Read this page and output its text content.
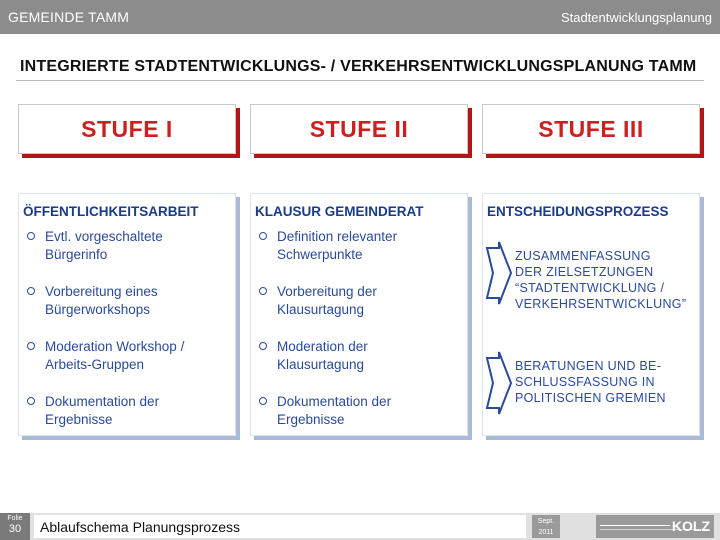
GEMEINDE TAMM	Stadtentwicklungsplanung
INTEGRIERTE STADTENTWICKLUNGS- / VERKEHRSENTWICKLUNGSPLANUNG TAMM
STUFE I	STUFE II	STUFE III
ÖFFENTLICHKEITSARBEIT
Evtl. vorgeschaltete
Bürgerinfo
Vorbereitung eines
Bürgerworkshops
Moderation Workshop /
Arbeits-Gruppen
Dokumentation der
Ergebnisse
KLAUSUR GEMEINDERAT
Definition relevanter
Schwerpunkte
Vorbereitung der
Klausurtagung
Moderation der
Klausurtagung
Dokumentation der
Ergebnisse
ENTSCHEIDUNGSPROZESS
ZUSAMMENFASSUNG
DER ZIELSETZUNGEN
“STADTENTWICKLUNG /
VERKEHRSENTWICKLUNG”
BERATUNGEN UND BE-
SCHLUSSFASSUNG IN
POLITISCHEN GREMIEN
Folie
30	Ablaufschema Planungsprozess	Sept.
2011	KOLZ
